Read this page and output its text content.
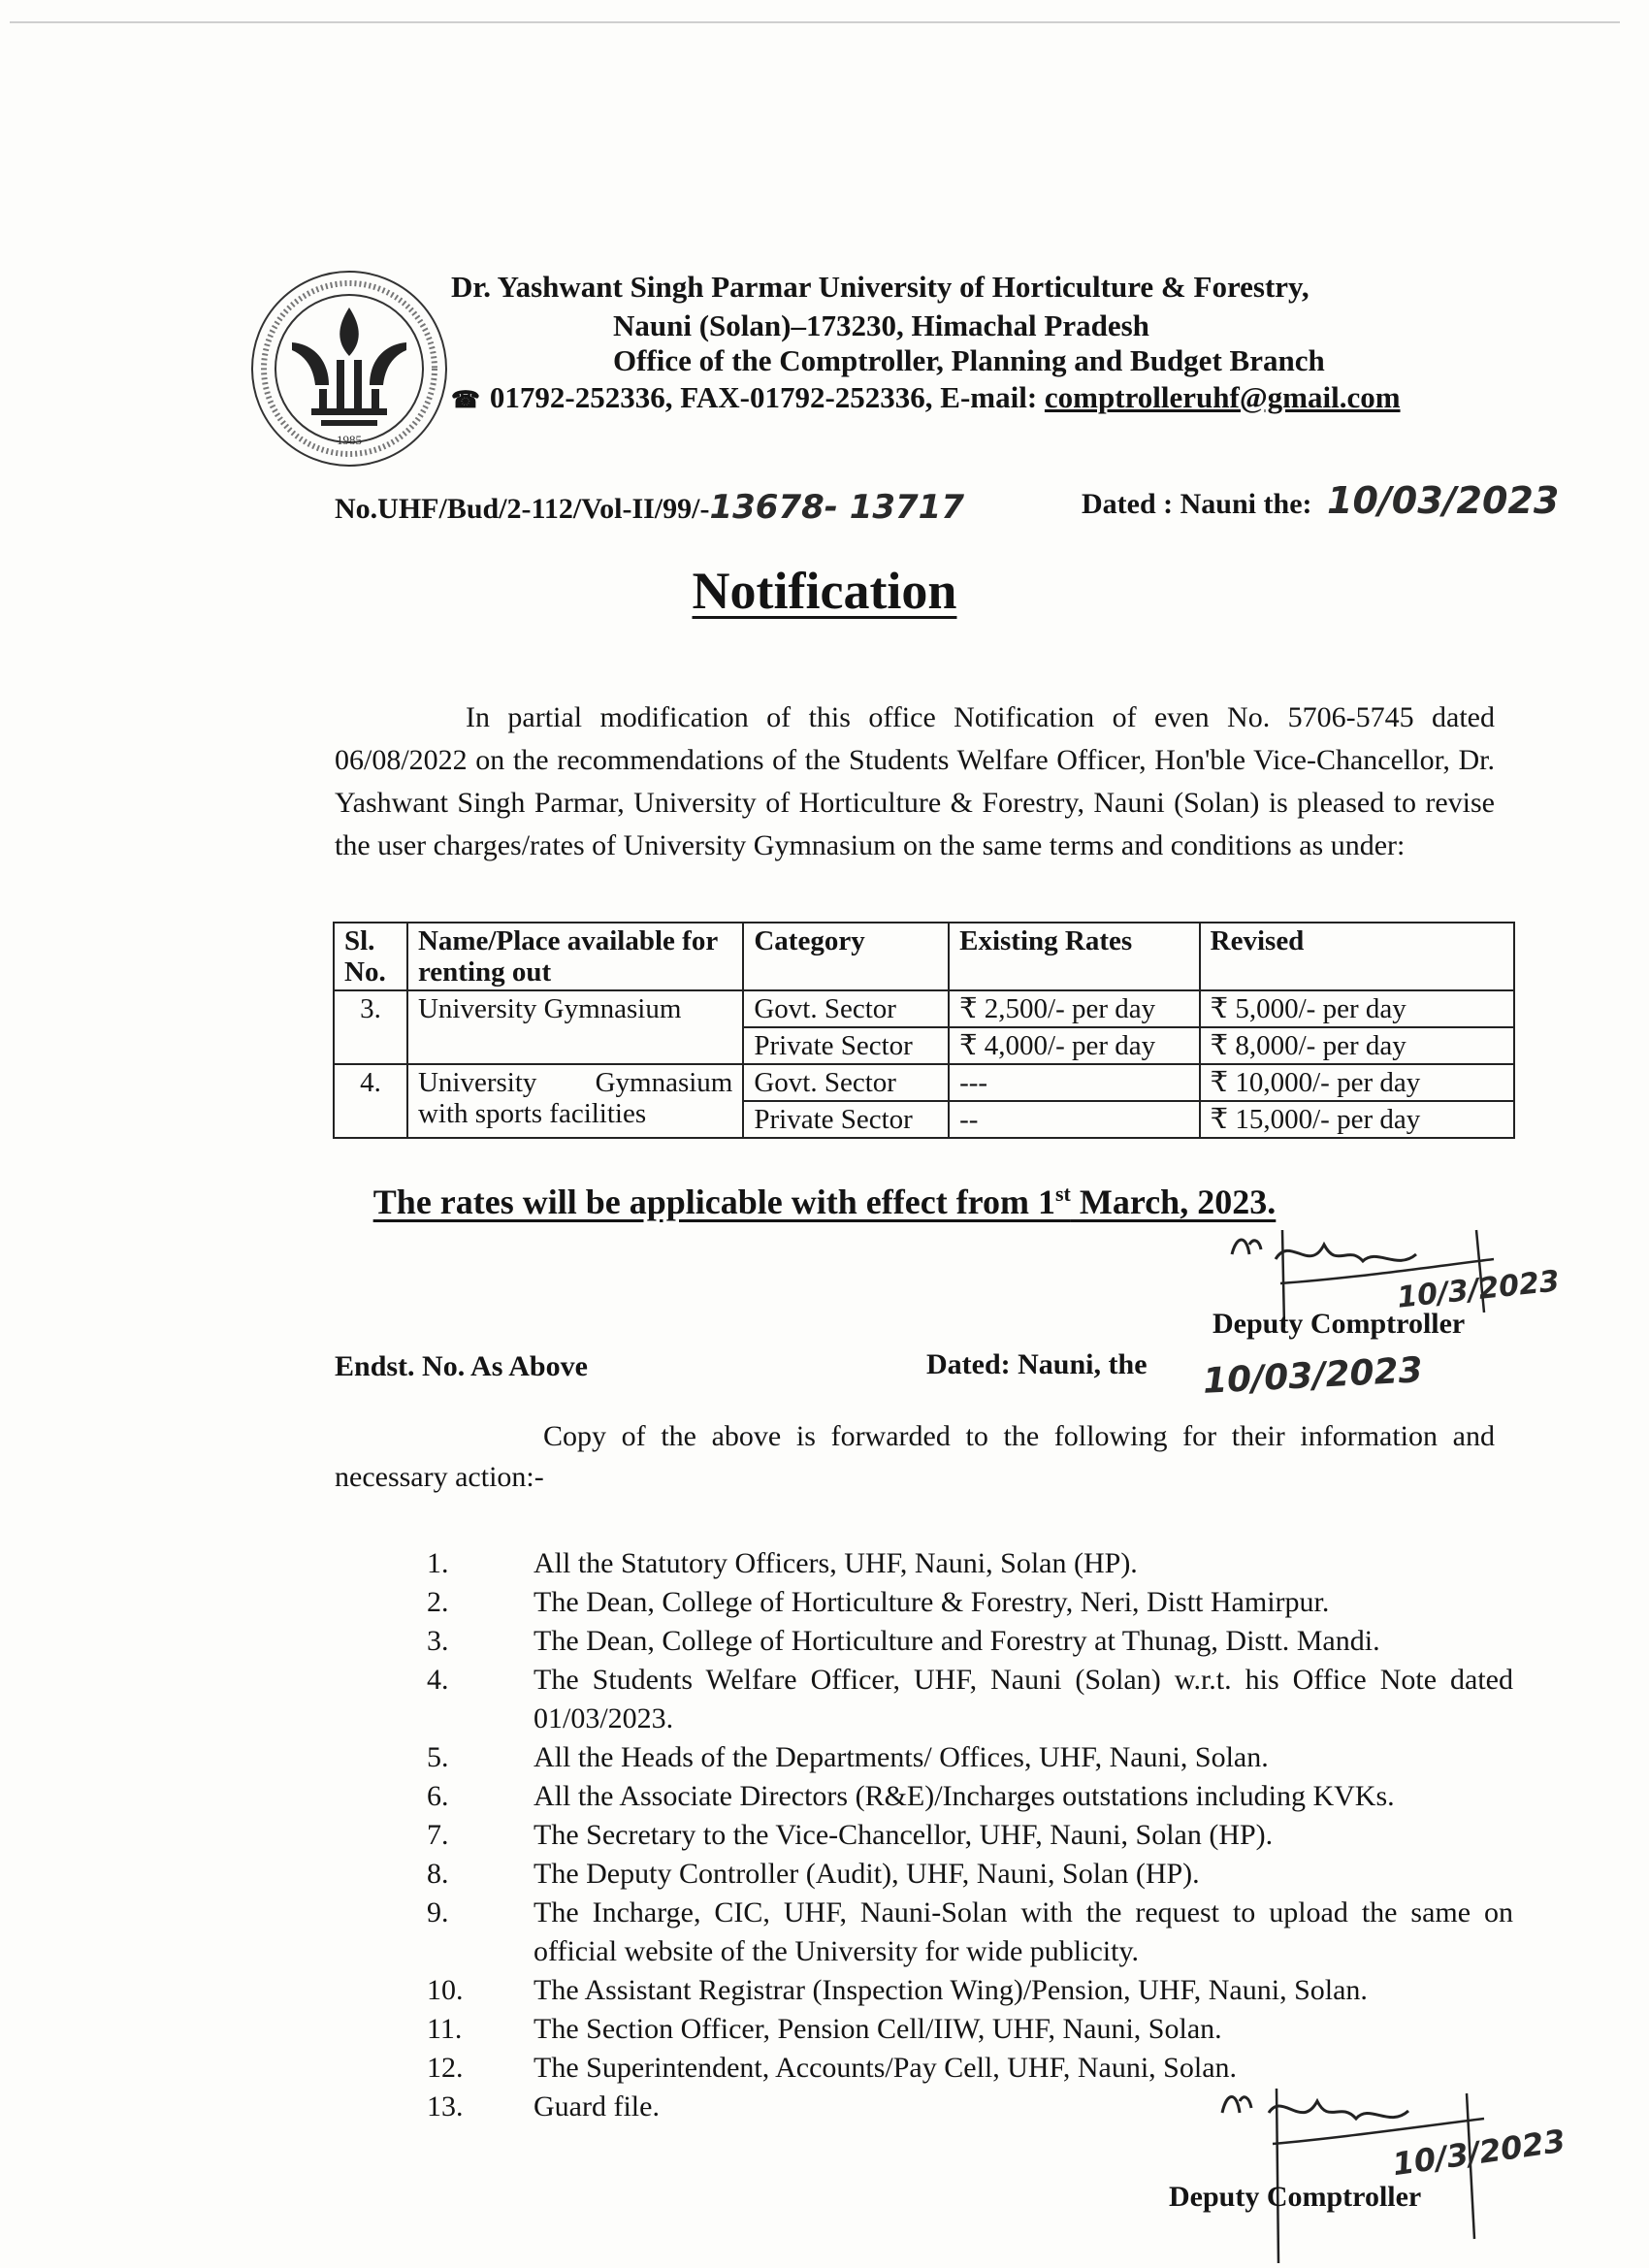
1985
Dr. Yashwant Singh Parmar University of Horticulture & Forestry,
Nauni (Solan)–173230, Himachal Pradesh
Office of the Comptroller, Planning and Budget Branch
☎ 01792-252336, FAX-01792-252336, E-mail: comptrolleruhf@gmail.com
No.UHF/Bud/2-112/Vol-II/99/-13678- 13717	Dated : Nauni the: 10/03/2023
Notification
In partial modification of this office Notification of even No. 5706-5745 dated 06/08/2022 on the recommendations of the Students Welfare Officer, Hon'ble Vice-Chancellor, Dr. Yashwant Singh Parmar, University of Horticulture & Forestry, Nauni (Solan) is pleased to revise the user charges/rates of University Gymnasium on the same terms and conditions as under:
Sl. No.	Name/Place available for renting out	Category	Existing Rates	Revised
3.	University Gymnasium	Govt. Sector	₹ 2,500/- per day	₹ 5,000/- per day
		Private Sector	₹ 4,000/- per day	₹ 8,000/- per day
4.	University Gymnasium with sports facilities	Govt. Sector	---	₹ 10,000/- per day
		Private Sector	--	₹ 15,000/- per day
The rates will be applicable with effect from 1st March, 2023.
10/3/2023
Deputy Comptroller
Endst. No. As Above	Dated: Nauni, the 10/03/2023
Copy of the above is forwarded to the following for their information and necessary action:-
1.	All the Statutory Officers, UHF, Nauni, Solan (HP).
2.	The Dean, College of Horticulture & Forestry, Neri, Distt Hamirpur.
3.	The Dean, College of Horticulture and Forestry at Thunag, Distt. Mandi.
4.	The Students Welfare Officer, UHF, Nauni (Solan) w.r.t. his Office Note dated 01/03/2023.
5.	All the Heads of the Departments/ Offices, UHF, Nauni, Solan.
6.	All the Associate Directors (R&E)/Incharges outstations including KVKs.
7.	The Secretary to the Vice-Chancellor, UHF, Nauni, Solan (HP).
8.	The Deputy Controller (Audit), UHF, Nauni, Solan (HP).
9.	The Incharge, CIC, UHF, Nauni-Solan with the request to upload the same on official website of the University for wide publicity.
10.	The Assistant Registrar (Inspection Wing)/Pension, UHF, Nauni, Solan.
11.	The Section Officer, Pension Cell/IIW, UHF, Nauni, Solan.
12.	The Superintendent, Accounts/Pay Cell, UHF, Nauni, Solan.
13.	Guard file.
10/3/2023
Deputy Comptroller
